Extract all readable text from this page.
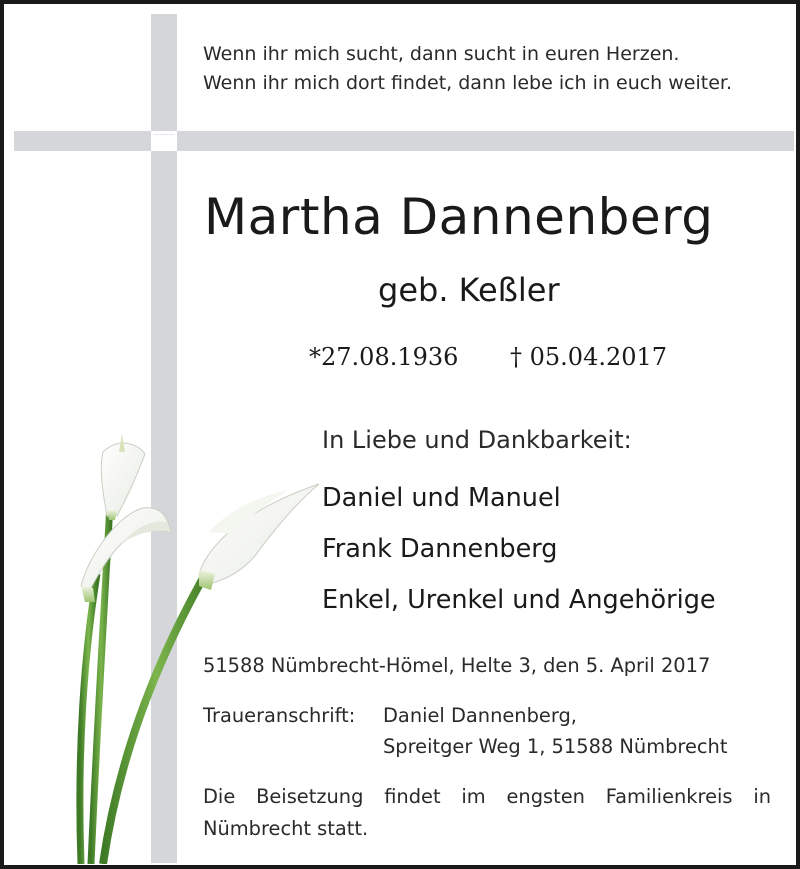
Wenn ihr mich sucht, dann sucht in euren Herzen.
Wenn ihr mich dort findet, dann lebe ich in euch weiter.
Martha Dannenberg
geb. Keßler
*27.08.1936 † 05.04.2017
In Liebe und Dankbarkeit:
Daniel und Manuel
Frank Dannenberg
Enkel, Urenkel und Angehörige
51588 Nümbrecht-Hömel, Helte 3, den 5. April 2017
Traueranschrift: Daniel Dannenberg,
Spreitger Weg 1, 51588 Nümbrecht
Die Beisetzung findet im engsten Familienkreis in
Nümbrecht statt.
